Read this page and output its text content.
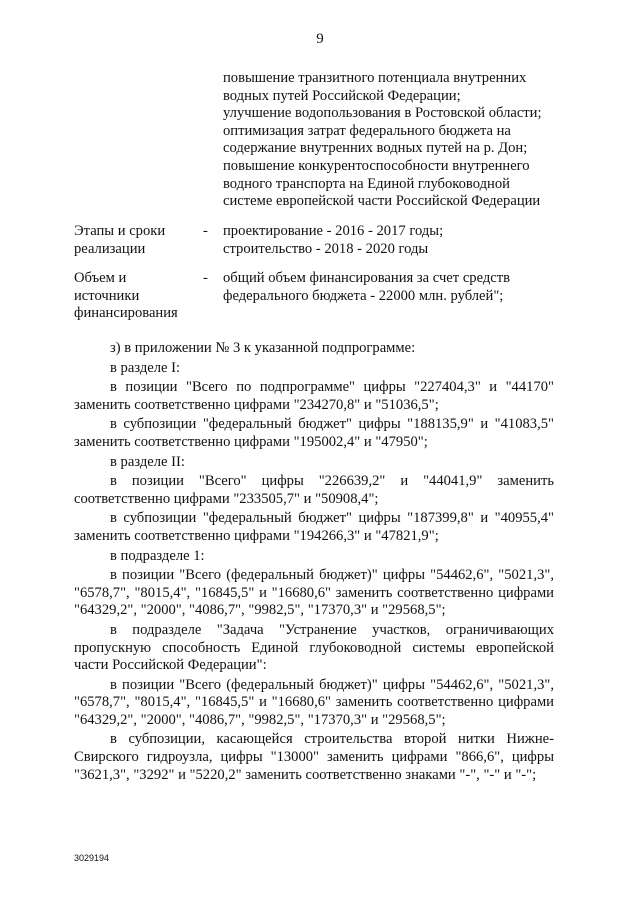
9
повышение транзитного потенциала внутренних
водных путей Российской Федерации;
улучшение водопользования в Ростовской области;
оптимизация затрат федерального бюджета на
содержание внутренних водных путей на р. Дон;
повышение конкурентоспособности внутреннего
водного транспорта на Единой глубоководной
системе европейской части Российской Федерации
Этапы и сроки
реализации
- проектирование - 2016 - 2017 годы;
строительство - 2018 - 2020 годы
Объем и
источники
финансирования
- общий объем финансирования за счет средств
федерального бюджета - 22000 млн. рублей";

з) в приложении № 3 к указанной подпрограмме:

в разделе I:

в позиции "Всего по подпрограмме" цифры "227404,3" и "44170" заменить соответственно цифрами "234270,8" и "51036,5";

в субпозиции "федеральный бюджет" цифры "188135,9" и "41083,5" заменить соответственно цифрами "195002,4" и "47950";

в разделе II:

в позиции "Всего" цифры "226639,2" и "44041,9" заменить соответственно цифрами "233505,7" и "50908,4";

в субпозиции "федеральный бюджет" цифры "187399,8" и "40955,4" заменить соответственно цифрами "194266,3" и "47821,9";

в подразделе 1:

в позиции "Всего (федеральный бюджет)" цифры "54462,6", "5021,3", "6578,7", "8015,4", "16845,5" и "16680,6" заменить соответственно цифрами "64329,2", "2000", "4086,7", "9982,5", "17370,3" и "29568,5";

в подразделе "Задача "Устранение участков, ограничивающих пропускную способность Единой глубоководной системы европейской части Российской Федерации":

в позиции "Всего (федеральный бюджет)" цифры "54462,6", "5021,3", "6578,7", "8015,4", "16845,5" и "16680,6" заменить соответственно цифрами "64329,2", "2000", "4086,7", "9982,5", "17370,3" и "29568,5";

в субпозиции, касающейся строительства второй нитки Нижне-Свирского гидроузла, цифры "13000" заменить цифрами "866,6", цифры "3621,3", "3292" и "5220,2" заменить соответственно знаками "-", "-" и "-";

3029194
